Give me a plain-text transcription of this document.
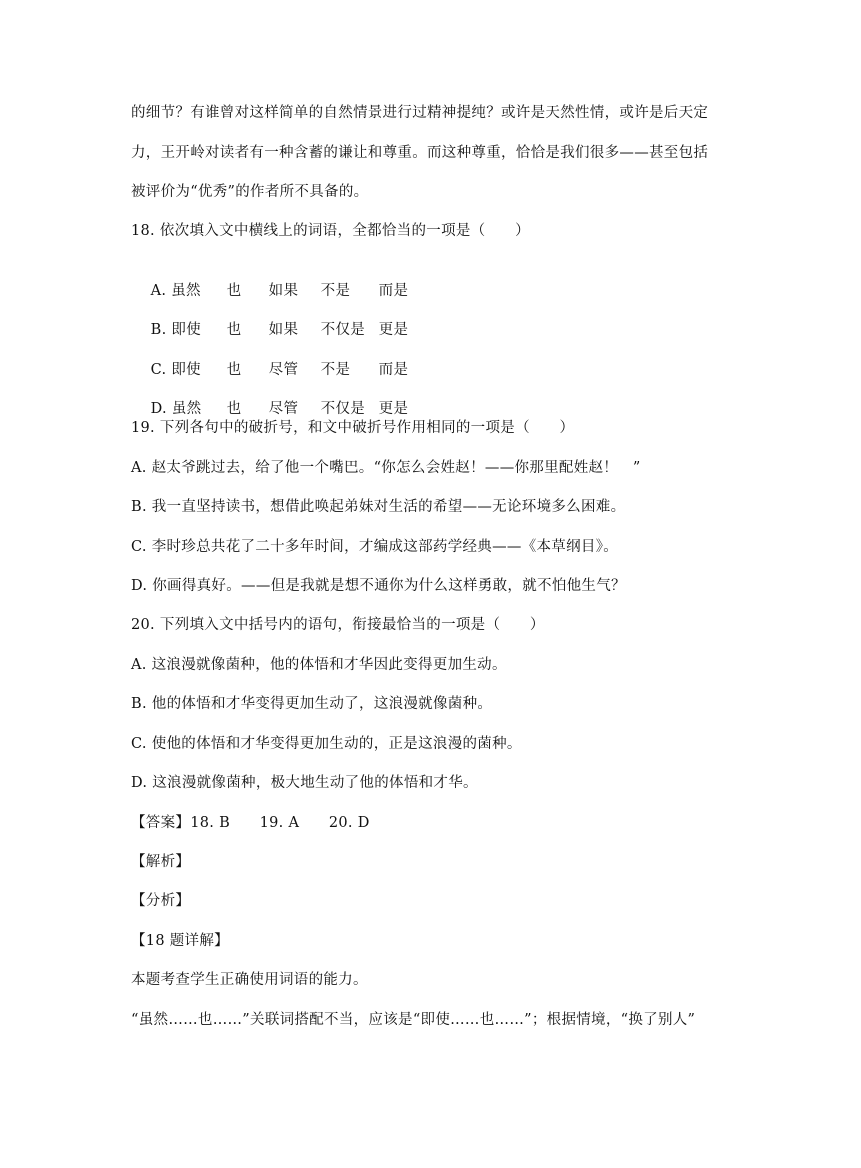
的细节？有谁曾对这样简单的自然情景进行过精神提纯？或许是天然性情，或许是后天定
力，王开岭对读者有一种含蓄的谦让和尊重。而这种尊重，恰恰是我们很多——甚至包括
被评价为“优秀”的作者所不具备的。
18. 依次填入文中横线上的词语，全都恰当的一项是（　　）

A. 虽然 也 如果 不是 而是

B. 即使 也 如果 不仅是 更是

C. 即使 也 尽管 不是 而是

D. 虽然 也 尽管 不仅是 更是

19. 下列各句中的破折号，和文中破折号作用相同的一项是（　　）
A. 赵太爷跳过去，给了他一个嘴巴。“你怎么会姓赵！——你那里配姓赵！　”
B. 我一直坚持读书，想借此唤起弟妹对生活的希望——无论环境多么困难。
C. 李时珍总共花了二十多年时间，才编成这部药学经典——《本草纲目》。
D. 你画得真好。——但是我就是想不通你为什么这样勇敢，就不怕他生气？
20. 下列填入文中括号内的语句，衔接最恰当的一项是（　　）
A. 这浪漫就像菌种，他的体悟和才华因此变得更加生动。
B. 他的体悟和才华变得更加生动了，这浪漫就像菌种。
C. 使他的体悟和才华变得更加生动的，正是这浪漫的菌种。
D. 这浪漫就像菌种，极大地生动了他的体悟和才华。
【答案】18. B　　19. A　　20. D
【解析】
【分析】
【18 题详解】
本题考查学生正确使用词语的能力。
“虽然……也……”关联词搭配不当，应该是“即使……也……”；根据情境，“换了别人”
